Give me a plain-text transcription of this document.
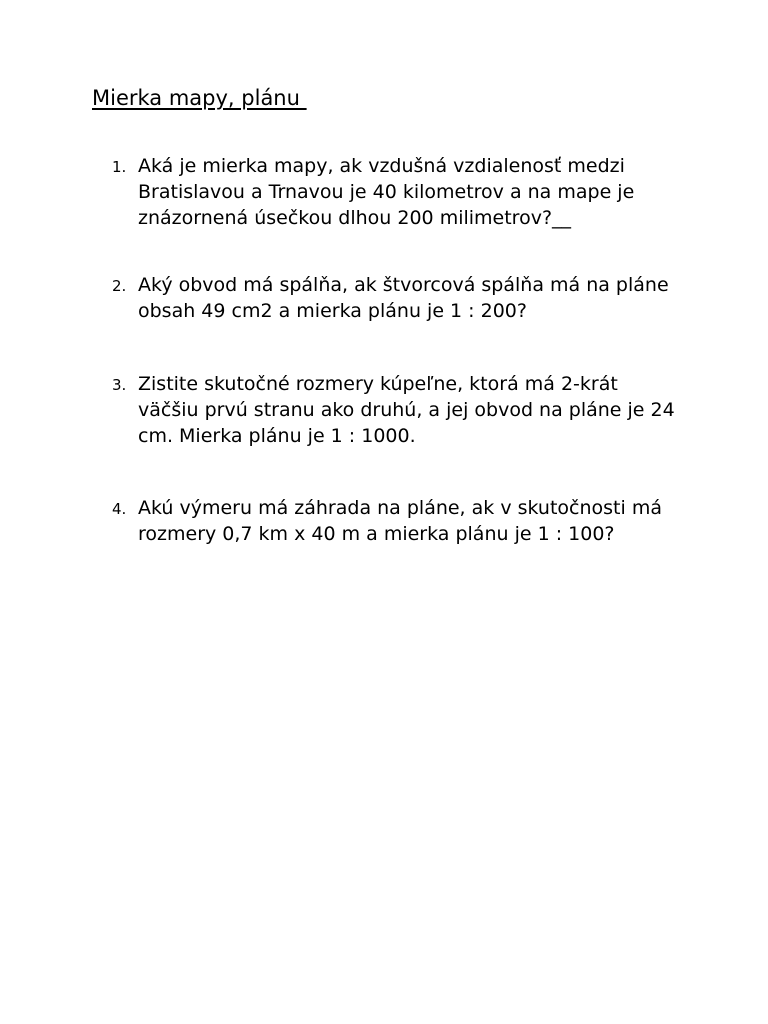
Mierka mapy, plánu
1. Aká je mierka mapy, ak vzdušná vzdialenosť medzi Bratislavou a Trnavou je 40 kilometrov a na mape je znázornená úsečkou dlhou 200 milimetrov?__
2. Aký obvod má spálňa, ak štvorcová spálňa má na pláne obsah 49 cm2 a mierka plánu je 1 : 200?
3. Zistite skutočné rozmery kúpeľne, ktorá má 2-krát väčšiu prvú stranu ako druhú, a jej obvod na pláne je 24 cm. Mierka plánu je 1 : 1000.
4. Akú výmeru má záhrada na pláne, ak v skutočnosti má rozmery 0,7 km x 40 m a mierka plánu je 1 : 100?
